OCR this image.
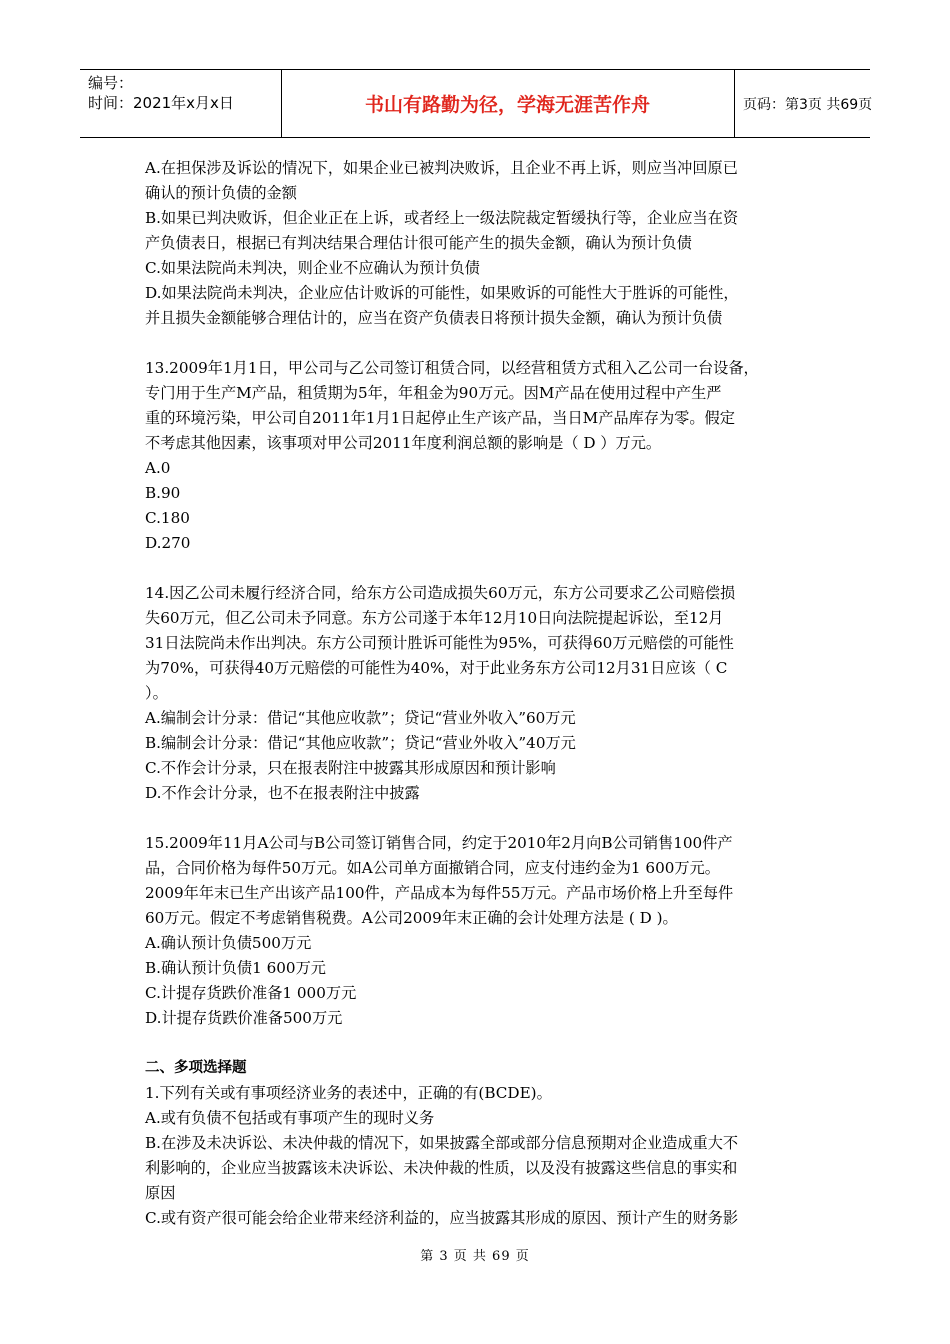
编号：
时间：2021年x月x日	书山有路勤为径，学海无涯苦作舟	页码：第3页 共69页

A.在担保涉及诉讼的情况下，如果企业已被判决败诉，且企业不再上诉，则应当冲回原已

确认的预计负债的金额

B.如果已判决败诉，但企业正在上诉，或者经上一级法院裁定暂缓执行等，企业应当在资

产负债表日，根据已有判决结果合理估计很可能产生的损失金额，确认为预计负债

C.如果法院尚未判决，则企业不应确认为预计负债

D.如果法院尚未判决，企业应估计败诉的可能性，如果败诉的可能性大于胜诉的可能性，

并且损失金额能够合理估计的，应当在资产负债表日将预计损失金额，确认为预计负债

13.2009年1月1日，甲公司与乙公司签订租赁合同，以经营租赁方式租入乙公司一台设备，

专门用于生产M产品，租赁期为5年，年租金为90万元。因M产品在使用过程中产生严

重的环境污染，甲公司自2011年1月1日起停止生产该产品，当日M产品库存为零。假定

不考虑其他因素，该事项对甲公司2011年度利润总额的影响是（ D ）万元。

A.0

B.90

C.180

D.270

14.因乙公司未履行经济合同，给东方公司造成损失60万元，东方公司要求乙公司赔偿损

失60万元，但乙公司未予同意。东方公司遂于本年12月10日向法院提起诉讼，至12月

31日法院尚未作出判决。东方公司预计胜诉可能性为95%，可获得60万元赔偿的可能性

为70%，可获得40万元赔偿的可能性为40%，对于此业务东方公司12月31日应该（ C

）。

A.编制会计分录：借记“其他应收款”；贷记“营业外收入”60万元

B.编制会计分录：借记“其他应收款”；贷记“营业外收入”40万元

C.不作会计分录，只在报表附注中披露其形成原因和预计影响

D.不作会计分录，也不在报表附注中披露

15.2009年11月A公司与B公司签订销售合同，约定于2010年2月向B公司销售100件产

品，合同价格为每件50万元。如A公司单方面撤销合同，应支付违约金为1 600万元。

2009年年末已生产出该产品100件，产品成本为每件55万元。产品市场价格上升至每件

60万元。假定不考虑销售税费。A公司2009年末正确的会计处理方法是 ( D )。

A.确认预计负债500万元

B.确认预计负债1 600万元

C.计提存货跌价准备1 000万元

D.计提存货跌价准备500万元

二、多项选择题

1.下列有关或有事项经济业务的表述中，正确的有(BCDE)。

A.或有负债不包括或有事项产生的现时义务

B.在涉及未决诉讼、未决仲裁的情况下，如果披露全部或部分信息预期对企业造成重大不

利影响的，企业应当披露该未决诉讼、未决仲裁的性质，以及没有披露这些信息的事实和

原因

C.或有资产很可能会给企业带来经济利益的，应当披露其形成的原因、预计产生的财务影

第 3 页 共 69 页
